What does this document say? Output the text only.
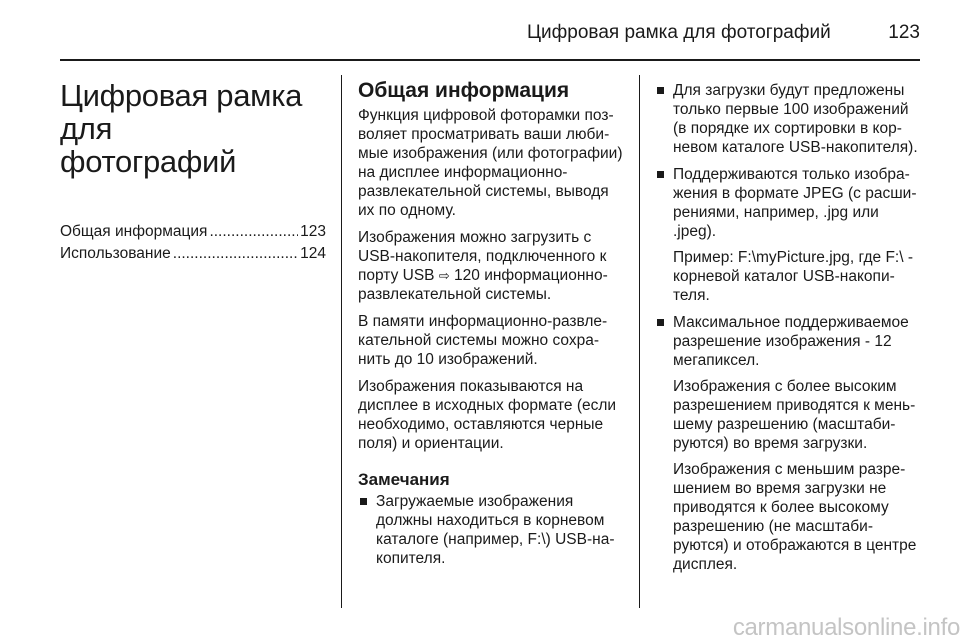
Цифровая рамка для фотографий	123
Цифровая рамка для
фотографий
Общая информация .....	123
Использование .....	124
Общая информация

Функция цифровой фоторамки позволяет просматривать ваши любимые изображения (или фотографии) на дисплее информационно-развлекательной системы, выводя их по одному.

Изображения можно загрузить с USB-накопителя, подключенного к порту USB ⇨ 120 информационно-развлекательной системы.

В памяти информационно-развлекательной системы можно сохранить до 10 изображений.

Изображения показываются на дисплее в исходных формате (если необходимо, оставляются черные поля) и ориентации.

Замечания
Загружаемые изображения должны находиться в корневом каталоге (например, F:\) USB-накопителя.
Для загрузки будут предложены только первые 100 изображений (в порядке их сортировки в корневом каталоге USB-накопителя).
Поддерживаются только изображения в формате JPEG (с расширениями, например, .jpg или .jpeg).

Пример: F:\myPicture.jpg, где F:\ - корневой каталог USB-накопителя.

Максимальное поддерживаемое разрешение изображения - 12 мегапиксел.

Изображения с более высоким разрешением приводятся к меньшему разрешению (масштабируются) во время загрузки.

Изображения с меньшим разрешением во время загрузки не приводятся к более высокому разрешению (не масштабируются) и отображаются в центре дисплея.

carmanualsonline.info
